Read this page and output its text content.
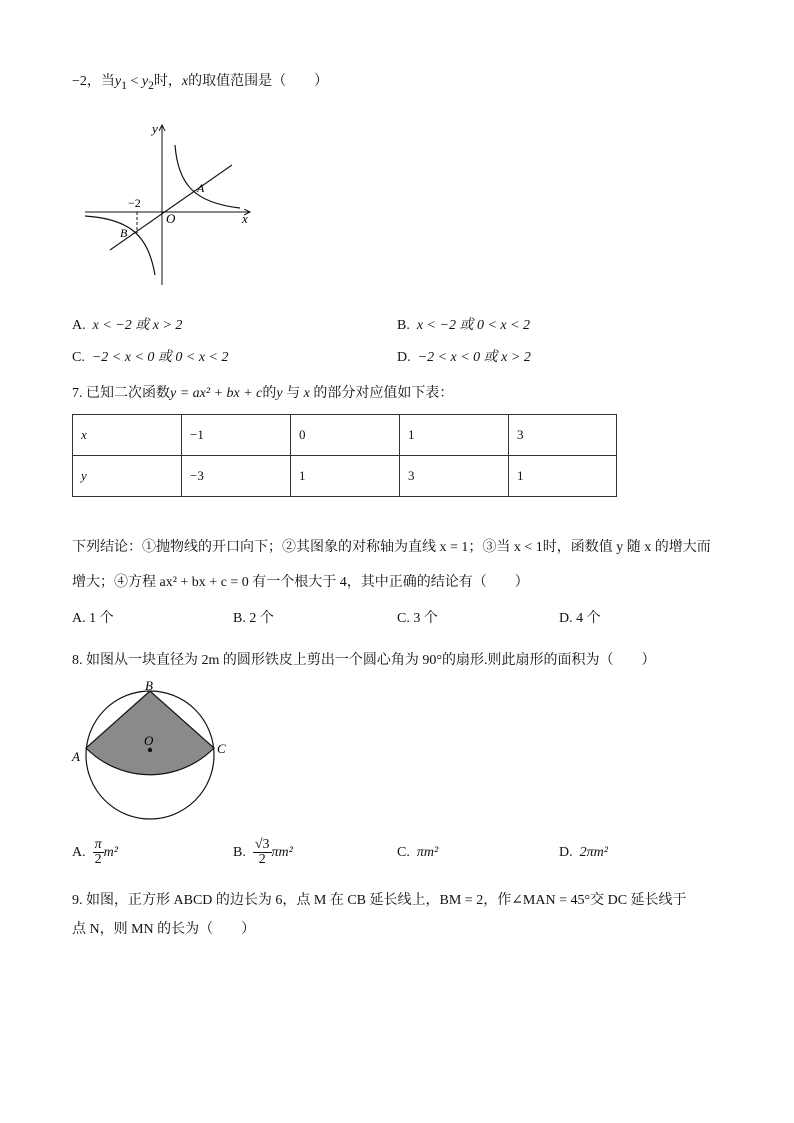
−2，当$y_1 < y_2$时，x的取值范围是（　　）
y
x
O
−2
A
B
A. x < −2 或 x > 2	B. x < −2 或 0 < x < 2
C. −2 < x < 0 或 0 < x < 2	D. −2 < x < 0 或 x > 2
7. 已知二次函数y = ax² + bx + c的y 与 x 的部分对应值如下表：
x	−1	0	1	3
y	−3	1	3	1
下列结论：①抛物线的开口向下；②其图象的对称轴为直线 x = 1；③当 x < 1时，函数值 y 随 x 的增大而
增大；④方程 ax² + bx + c = 0 有一个根大于 4，其中正确的结论有（　　）
A. 1 个	B. 2 个	C. 3 个	D. 4 个
8. 如图从一块直径为 2m 的圆形铁皮上剪出一个圆心角为 90°的扇形.则此扇形的面积为（　　）
B
A
C
O
A. $\frac{\pi}{2} m^2$	B. $\frac{√3}{2} \pi m^2$	C. πm²	D. 2πm²
9. 如图，正方形 ABCD 的边长为 6，点 M 在 CB 延长线上，BM = 2，作∠MAN = 45°交 DC 延长线于
点 N，则 MN 的长为（　　）
